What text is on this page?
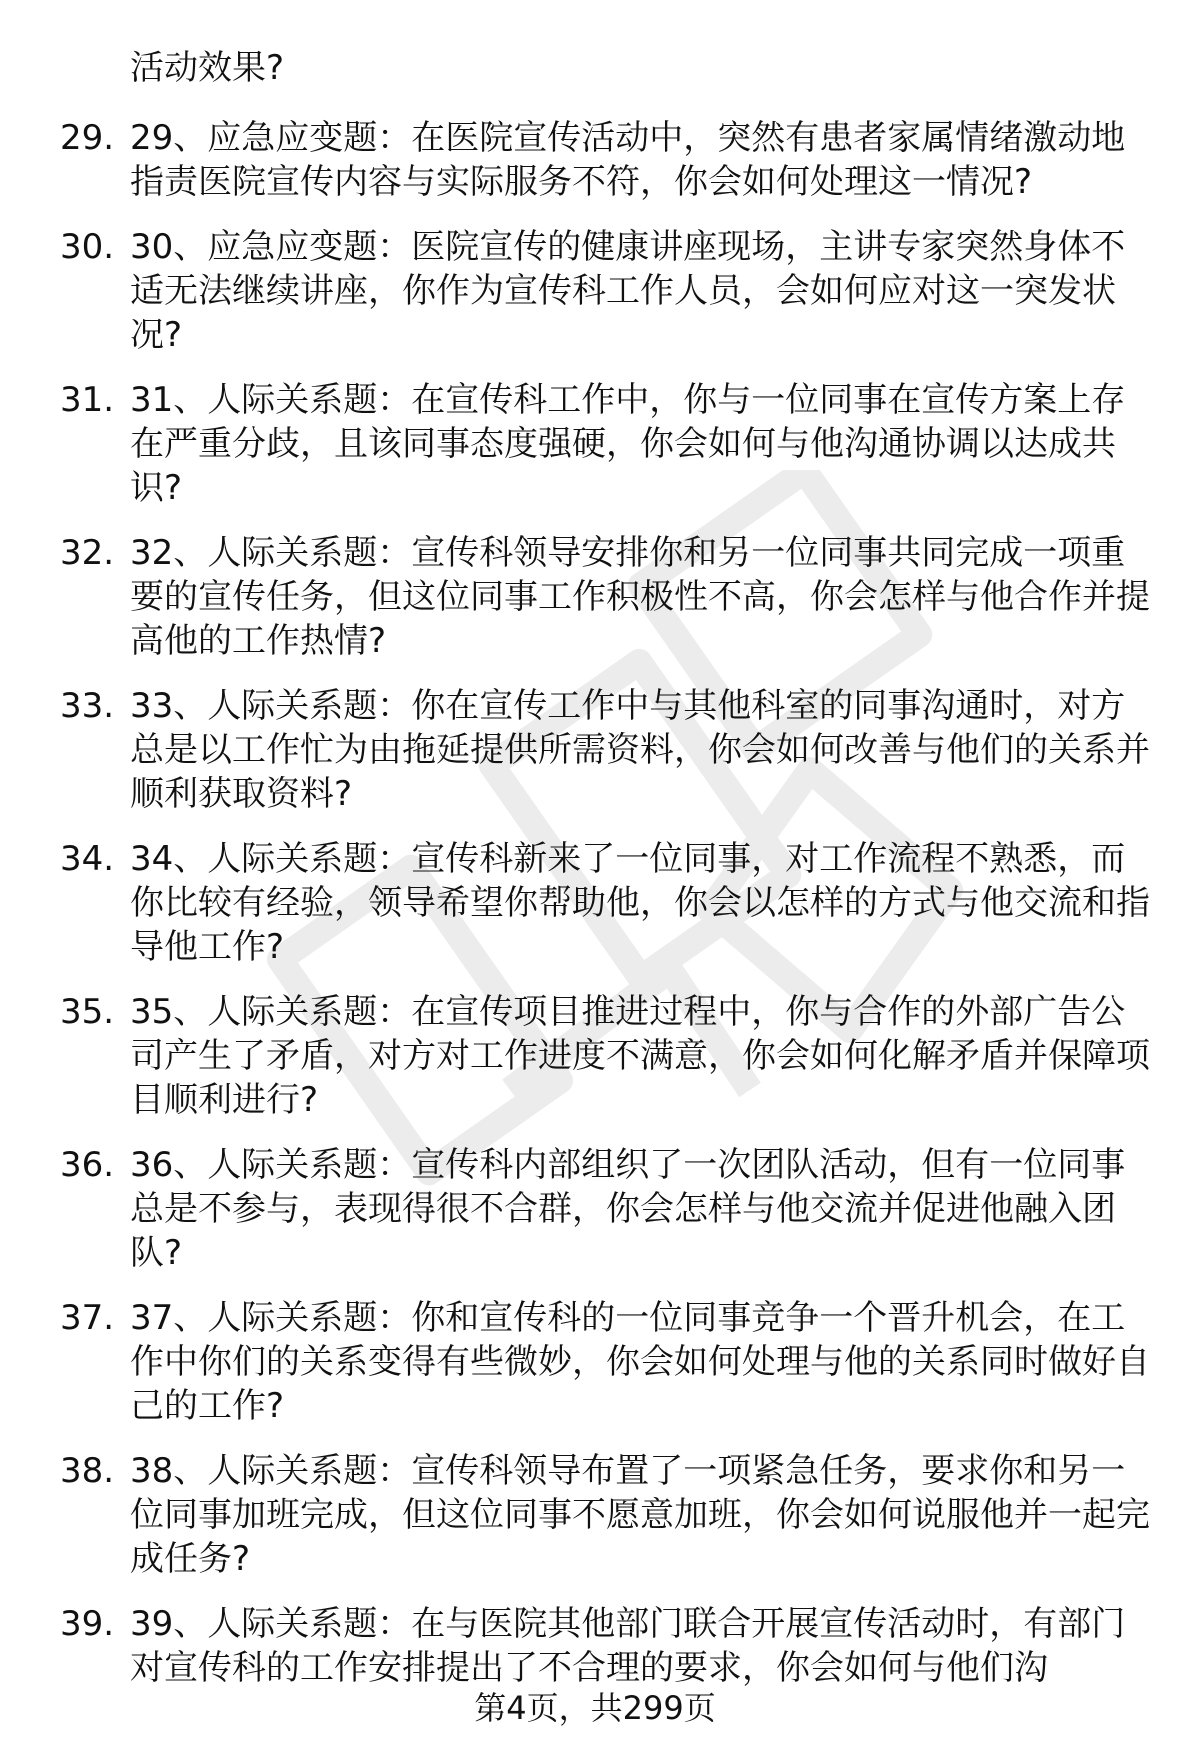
活动效果?

29. 29、应急应变题：在医院宣传活动中，突然有患者家属情绪激动地指责医院宣传内容与实际服务不符，你会如何处理这一情况?
30. 30、应急应变题：医院宣传的健康讲座现场，主讲专家突然身体不适无法继续讲座，你作为宣传科工作人员，会如何应对这一突发状况?
31. 31、人际关系题：在宣传科工作中，你与一位同事在宣传方案上存在严重分歧，且该同事态度强硬，你会如何与他沟通协调以达成共识?
32. 32、人际关系题：宣传科领导安排你和另一位同事共同完成一项重要的宣传任务，但这位同事工作积极性不高，你会怎样与他合作并提高他的工作热情?
33. 33、人际关系题：你在宣传工作中与其他科室的同事沟通时，对方总是以工作忙为由拖延提供所需资料，你会如何改善与他们的关系并顺利获取资料?
34. 34、人际关系题：宣传科新来了一位同事，对工作流程不熟悉，而你比较有经验，领导希望你帮助他，你会以怎样的方式与他交流和指导他工作?
35. 35、人际关系题：在宣传项目推进过程中，你与合作的外部广告公司产生了矛盾，对方对工作进度不满意，你会如何化解矛盾并保障项目顺利进行?
36. 36、人际关系题：宣传科内部组织了一次团队活动，但有一位同事总是不参与，表现得很不合群，你会怎样与他交流并促进他融入团队?
37. 37、人际关系题：你和宣传科的一位同事竞争一个晋升机会，在工作中你们的关系变得有些微妙，你会如何处理与他的关系同时做好自己的工作?
38. 38、人际关系题：宣传科领导布置了一项紧急任务，要求你和另一位同事加班完成，但这位同事不愿意加班，你会如何说服他并一起完成任务?
39. 39、人际关系题：在与医院其他部门联合开展宣传活动时，有部门对宣传科的工作安排提出了不合理的要求，你会如何与他们沟
第4页，共299页
